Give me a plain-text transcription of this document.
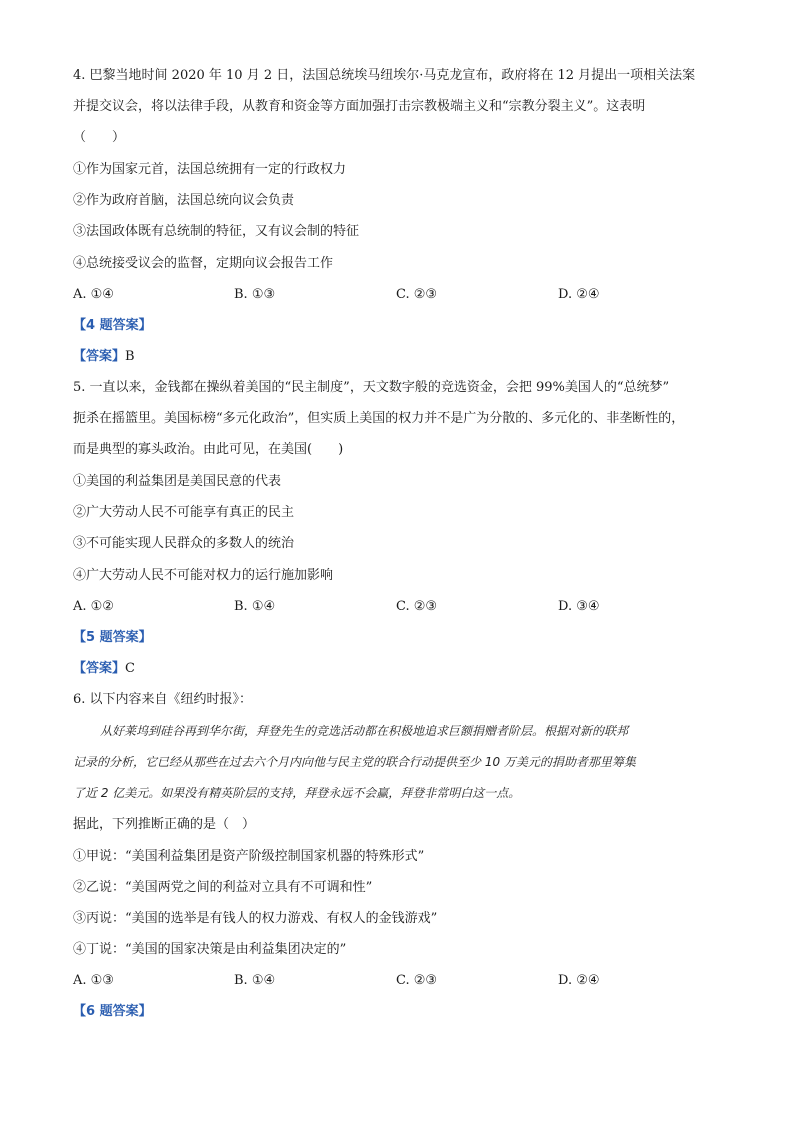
4. 巴黎当地时间 2020 年 10 月 2 日，法国总统埃马纽埃尔·马克龙宣布，政府将在 12 月提出一项相关法案
并提交议会，将以法律手段，从教育和资金等方面加强打击宗教极端主义和“宗教分裂主义”。这表明
（　　）
①作为国家元首，法国总统拥有一定的行政权力
②作为政府首脑，法国总统向议会负责
③法国政体既有总统制的特征，又有议会制的特征
④总统接受议会的监督，定期向议会报告工作
A. ①④	B. ①③	C. ②③	D. ②④
【4 题答案】
【答案】B
5. 一直以来，金钱都在操纵着美国的“民主制度”，天文数字般的竞选资金，会把 99%美国人的“总统梦”
扼杀在摇篮里。美国标榜“多元化政治”，但实质上美国的权力并不是广为分散的、多元化的、非垄断性的，
而是典型的寡头政治。由此可见，在美国(　　)
①美国的利益集团是美国民意的代表
②广大劳动人民不可能享有真正的民主
③不可能实现人民群众的多数人的统治
④广大劳动人民不可能对权力的运行施加影响
A. ①②	B. ①④	C. ②③	D. ③④
【5 题答案】
【答案】C
6. 以下内容来自《纽约时报》：
从好莱坞到硅谷再到华尔街，拜登先生的竞选活动都在积极地追求巨额捐赠者阶层。根据对新的联邦
记录的分析，它已经从那些在过去六个月内向他与民主党的联合行动提供至少 10 万美元的捐助者那里筹集
了近 2 亿美元。如果没有精英阶层的支持，拜登永远不会赢，拜登非常明白这一点。
据此，下列推断正确的是（　）
①甲说：“美国利益集团是资产阶级控制国家机器的特殊形式”
②乙说：“美国两党之间的利益对立具有不可调和性”
③丙说：“美国的选举是有钱人的权力游戏、有权人的金钱游戏”
④丁说：“美国的国家决策是由利益集团决定的”
A. ①③	B. ①④	C. ②③	D. ②④
【6 题答案】
